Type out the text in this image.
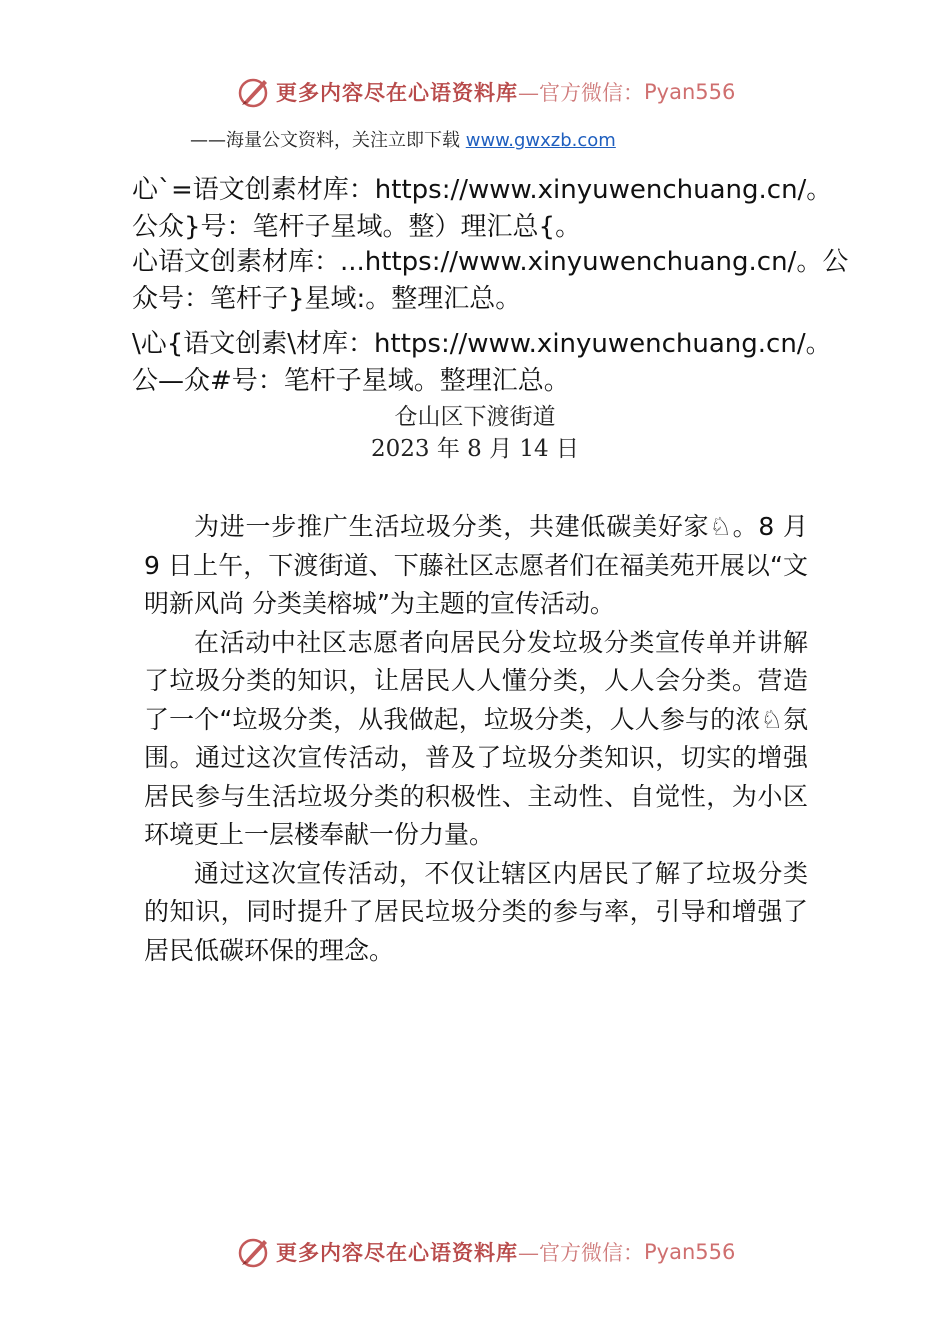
更多内容尽在心语资料库 —官方微信： Pyan556
——海量公文资料，关注立即下载 www.gwxzb.com
心`=语文创素材库：https://www.xinyuwenchuang.cn/。
公众}号：笔杆子星域。整）理汇总{。
心语文创素材库：...https://www.xinyuwenchuang.cn/。公
众号：笔杆子}星域:。整理汇总。
\心{语文创素\材库：https://www.xinyuwenchuang.cn/。
公—众#号：笔杆子星域。整理汇总。
仓山区下渡街道
2023 年 8 月 14 日

为进一步推广生活垃圾分类，共建低碳美好家♘。8 月 9 日上午，下渡街道、下藤社区志愿者们在福美苑开展以“文明新风尚 分类美榕城”为主题的宣传活动。

在活动中社区志愿者向居民分发垃圾分类宣传单并讲解了垃圾分类的知识，让居民人人懂分类，人人会分类。营造了一个“垃圾分类，从我做起，垃圾分类，人人参与的浓♘氛围。通过这次宣传活动，普及了垃圾分类知识，切实的增强居民参与生活垃圾分类的积极性、主动性、自觉性，为小区环境更上一层楼奉献一份力量。

通过这次宣传活动，不仅让辖区内居民了解了垃圾分类的知识，同时提升了居民垃圾分类的参与率，引导和增强了居民低碳环保的理念。

更多内容尽在心语资料库 —官方微信： Pyan556
